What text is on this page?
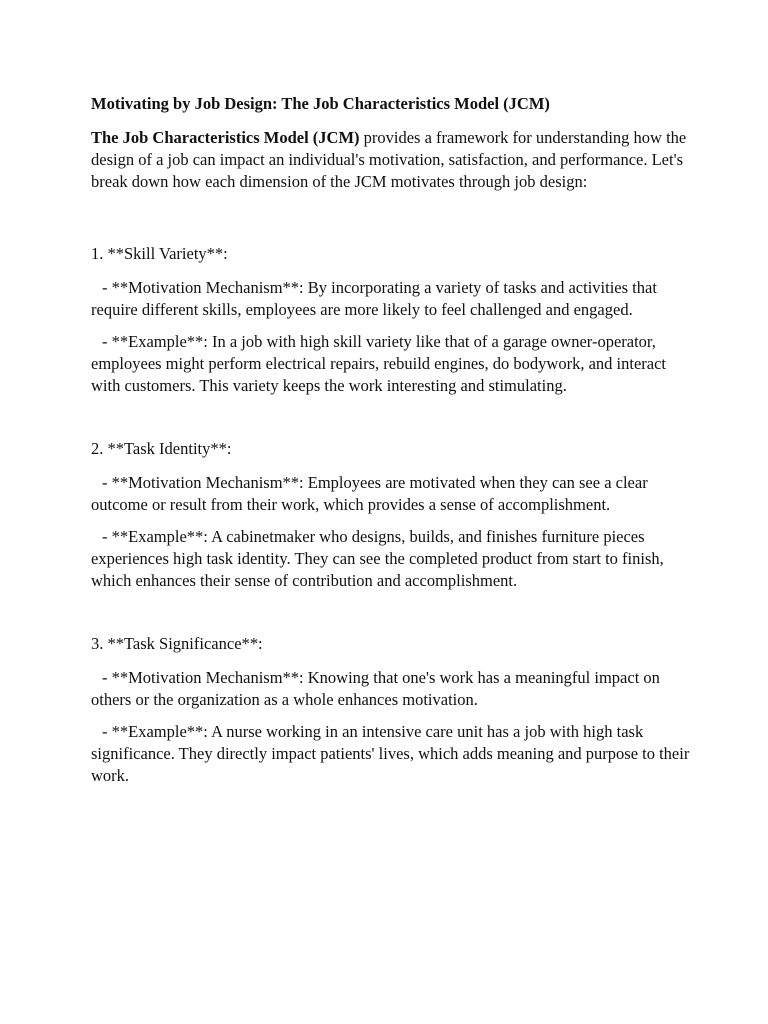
Motivating by Job Design: The Job Characteristics Model (JCM)

The Job Characteristics Model (JCM) provides a framework for understanding how the design of a job can impact an individual's motivation, satisfaction, and performance. Let's break down how each dimension of the JCM motivates through job design:

1. **Skill Variety**:

- **Motivation Mechanism**: By incorporating a variety of tasks and activities that require different skills, employees are more likely to feel challenged and engaged.

- **Example**: In a job with high skill variety like that of a garage owner-operator, employees might perform electrical repairs, rebuild engines, do bodywork, and interact with customers. This variety keeps the work interesting and stimulating.

2. **Task Identity**:

- **Motivation Mechanism**: Employees are motivated when they can see a clear outcome or result from their work, which provides a sense of accomplishment.

- **Example**: A cabinetmaker who designs, builds, and finishes furniture pieces experiences high task identity. They can see the completed product from start to finish, which enhances their sense of contribution and accomplishment.

3. **Task Significance**:

- **Motivation Mechanism**: Knowing that one's work has a meaningful impact on others or the organization as a whole enhances motivation.

- **Example**: A nurse working in an intensive care unit has a job with high task significance. They directly impact patients' lives, which adds meaning and purpose to their work.
